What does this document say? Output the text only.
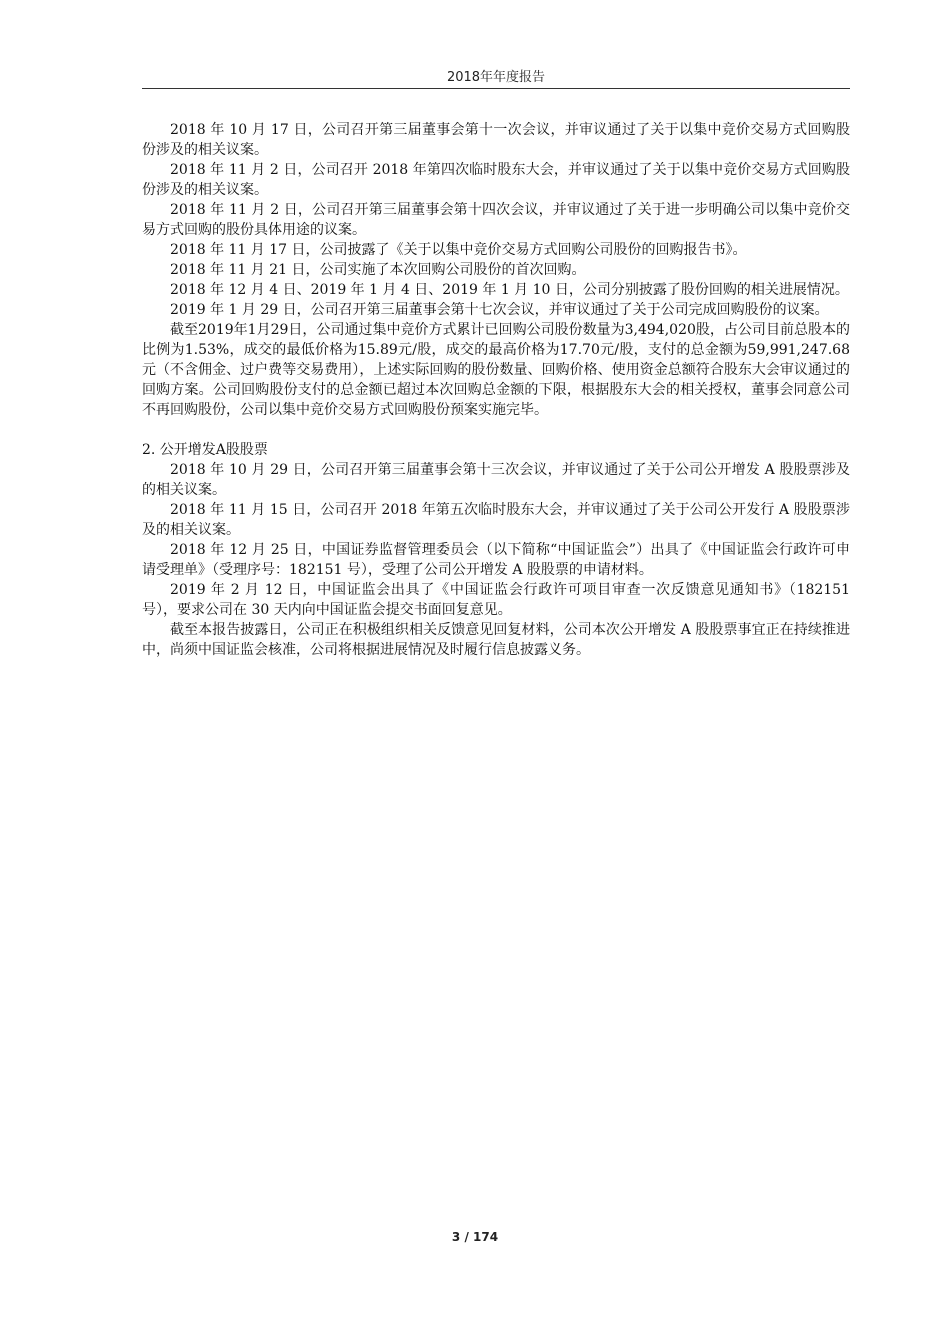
2018年年度报告

2018 年 10 月 17 日，公司召开第三届董事会第十一次会议，并审议通过了关于以集中竞价交易方式回购股份涉及的相关议案。

2018 年 11 月 2 日，公司召开 2018 年第四次临时股东大会，并审议通过了关于以集中竞价交易方式回购股份涉及的相关议案。

2018 年 11 月 2 日，公司召开第三届董事会第十四次会议，并审议通过了关于进一步明确公司以集中竞价交易方式回购的股份具体用途的议案。

2018 年 11 月 17 日，公司披露了《关于以集中竞价交易方式回购公司股份的回购报告书》。

2018 年 11 月 21 日，公司实施了本次回购公司股份的首次回购。

2018 年 12 月 4 日、2019 年 1 月 4 日、2019 年 1 月 10 日，公司分别披露了股份回购的相关进展情况。

2019 年 1 月 29 日，公司召开第三届董事会第十七次会议，并审议通过了关于公司完成回购股份的议案。

截至2019年1月29日，公司通过集中竞价方式累计已回购公司股份数量为3,494,020股，占公司目前总股本的比例为1.53%，成交的最低价格为15.89元/股，成交的最高价格为17.70元/股，支付的总金额为59,991,247.68元（不含佣金、过户费等交易费用），上述实际回购的股份数量、回购价格、使用资金总额符合股东大会审议通过的回购方案。公司回购股份支付的总金额已超过本次回购总金额的下限，根据股东大会的相关授权，董事会同意公司不再回购股份，公司以集中竞价交易方式回购股份预案实施完毕。

2. 公开增发A股股票

2018 年 10 月 29 日，公司召开第三届董事会第十三次会议，并审议通过了关于公司公开增发 A 股股票涉及的相关议案。

2018 年 11 月 15 日，公司召开 2018 年第五次临时股东大会，并审议通过了关于公司公开发行 A 股股票涉及的相关议案。

2018 年 12 月 25 日，中国证券监督管理委员会（以下简称“中国证监会”）出具了《中国证监会行政许可申请受理单》（受理序号：182151 号），受理了公司公开增发 A 股股票的申请材料。

2019 年 2 月 12 日，中国证监会出具了《中国证监会行政许可项目审查一次反馈意见通知书》（182151 号），要求公司在 30 天内向中国证监会提交书面回复意见。

截至本报告披露日，公司正在积极组织相关反馈意见回复材料，公司本次公开增发 A 股股票事宜正在持续推进中，尚须中国证监会核准，公司将根据进展情况及时履行信息披露义务。

3 / 174
